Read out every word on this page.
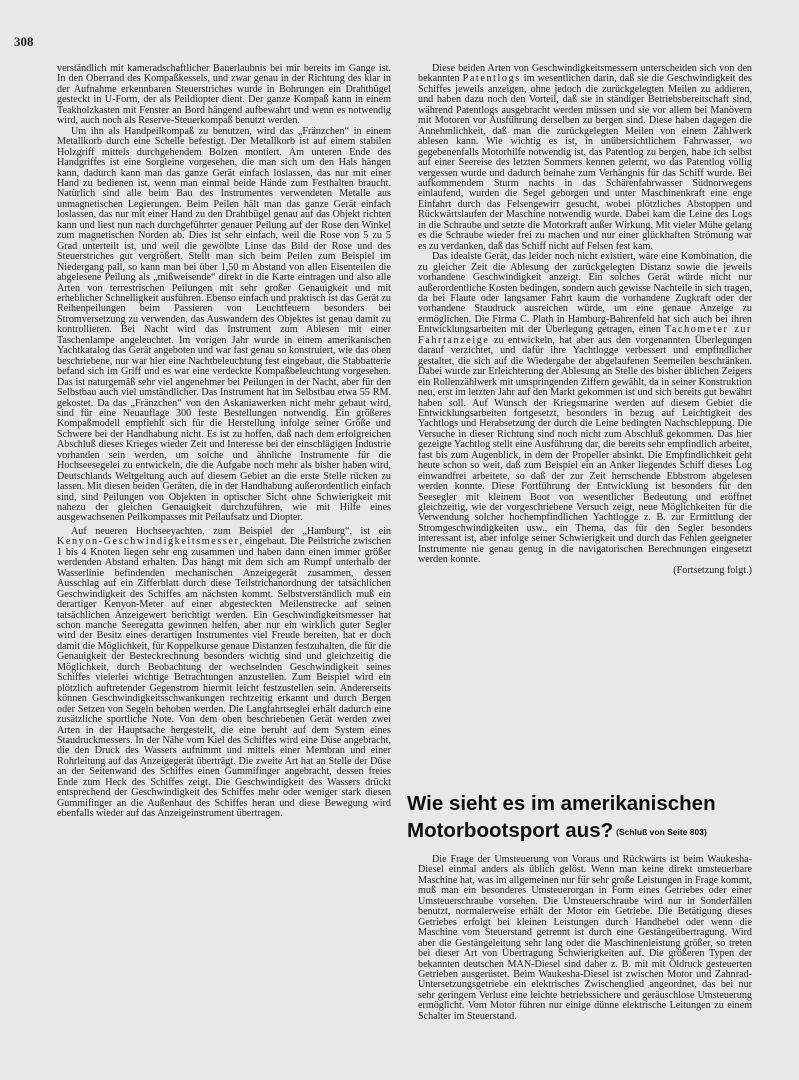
308

verständlich mit kameradschaftlicher Bauerlaubnis bei mir bereits im Gange ist. In den Oberrand des Kompaßkessels, und zwar genau in der Richtung des klar in der Aufnahme erkennbaren Steuerstriches wurde in Bohrungen ein Drahtbügel gesteckt in U-Form, der als Peildiopter dient. Der ganze Kompaß kann in einem Teakholzkasten mit Fenster an Bord hängend aufbewahrt und wenn es notwendig wird, auch noch als Reserve-Steuerkompaß benutzt werden.

Um ihn als Handpeilkompaß zu benutzen, wird das „Fränzchen“ in einem Metallkorb durch eine Schelle befestigt. Der Metallkorb ist auf einem stabilen Holzgriff mittels durchgehendem Bolzen montiert. Am unteren Ende des Handgriffes ist eine Sorgleine vorgesehen, die man sich um den Hals hängen kann, dadurch kann man das ganze Gerät einfach loslassen, das nur mit einer Hand zu bedienen ist, wenn man einmal beide Hände zum Festhalten braucht. Natürlich sind alle beim Bau des Instrumentes verwendeten Metalle aus unmagnetischen Legierungen. Beim Peilen hält man das ganze Gerät einfach loslassen, das nur mit einer Hand zu den Drahtbügel genau auf das Objekt richten kann und liest nun nach durchgeführter genauer Peilung auf der Rose den Winkel zum magnetischen Norden ab. Dies ist sehr einfach, weil die Rose von 5 zu 5 Grad unterteilt ist, und weil die gewölbte Linse das Bild der Rose und des Steuerstriches gut vergrößert. Stellt man sich beim Peilen zum Beispiel im Niedergang pall, so kann man bei über 1,50 m Abstand von allen Eisenteilen die abgelesene Peilung als „mißweisende“ direkt in die Karte eintragen und also alle Arten von terrestrischen Peilungen mit sehr großer Genauigkeit und mit erheblicher Schnelligkeit ausführen. Ebenso einfach und praktisch ist das Gerät zu Reihenpeilungen beim Passieren von Leuchtfeuern besonders bei Stromversetzung zu verwenden, das Auswandern des Objektes ist genau damit zu kontrollieren. Bei Nacht wird das Instrument zum Ablesen mit einer Taschenlampe angeleuchtet. Im vorigen Jahr wurde in einem amerikanischen Yachtkatalog das Gerät angeboten und war fast genau so konstruiert, wie das oben beschriebene, nur war hier eine Nachtbeleuchtung fest eingebaut, die Stabbatterie befand sich im Griff und es war eine verdeckte Kompaßbeleuchtung vorgesehen. Das ist naturgemäß sehr viel angenehmer bei Peilungen in der Nacht, aber für den Selbstbau auch viel umständlicher. Das Instrument hat im Selbstbau etwa 55 RM. gekostet. Da das „Fränzchen“ von den Askaniawerken nicht mehr gebaut wird, sind für eine Neuauflage 300 feste Bestellungen notwendig. Ein größeres Kompaßmodell empfiehlt sich für die Herstellung infolge seiner Größe und Schwere bei der Handhabung nicht. Es ist zu hoffen, daß nach dem erfolgreichen Abschluß dieses Krieges wieder Zeit und Interesse bei der einschlägigen Industrie vorhanden sein werden, um solche und ähnliche Instrumente für die Hochseesegelei zu entwickeln, die die Aufgabe noch mehr als bisher haben wird, Deutschlands Weltgeltung auch auf diesem Gebiet an die erste Stelle rücken zu lassen. Mit diesen beiden Geräten, die in der Handhabung außerordentlich einfach sind, sind Peilungen von Objekten in optischer Sicht ohne Schwierigkeit mit nahezu der gleichen Genauigkeit durchzuführen, wie mit Hilfe eines ausgewachsenen Peilkompasses mit Peilaufsatz und Diopter.

Auf neueren Hochseeyachten, zum Beispiel der „Hamburg“, ist ein Kenyon-Geschwindigkeitsmesser, eingebaut. Die Peilstriche zwischen 1 bis 4 Knoten liegen sehr eng zusammen und haben dann einen immer größer werdenden Abstand erhalten. Das hängt mit dem sich am Rumpf unterhalb der Wasserlinie befindenden mechanischen Anzeigegerät zusammen, dessen Ausschlag auf ein Zifferblatt durch diese Teilstrichanordnung der tatsächlichen Geschwindigkeit des Schiffes am nächsten kommt. Selbstverständlich muß ein derartiger Kenyon-Meter auf einer abgesteckten Meilenstrecke auf seinen tatsächlichen Anzeigewert berichtigt werden. Ein Geschwindigkeitsmesser hat schon manche Seeregatta gewinnen helfen, aber nur ein wirklich guter Segler wird der Besitz eines derartigen Instrumentes viel Freude bereiten, hat er doch damit die Möglichkeit, für Koppelkurse genaue Distanzen festzuhalten, die für die Genauigkeit der Besteckrechnung besonders wichtig sind und gleichzeitig die Möglichkeit, durch Beobachtung der wechselnden Geschwindigkeit seines Schiffes vielerlei wichtige Betrachtungen anzustellen. Zum Beispiel wird ein plötzlich auftretender Gegenstrom hiermit leicht festzustellen sein. Andererseits können Geschwindigkeitsschwankungen rechtzeitig erkannt und durch Bergen oder Setzen von Segeln behoben werden. Die Langfahrtseglei erhält dadurch eine zusätzliche sportliche Note. Von dem oben beschriebenen Gerät werden zwei Arten in der Hauptsache hergestellt, die eine beruht auf dem System eines Staudruckmessers. In der Nähe vom Kiel des Schiffes wird eine Düse angebracht, die den Druck des Wassers aufnimmt und mittels einer Membran und einer Rohrleitung auf das Anzeigegerät überträgt. Die zweite Art hat an Stelle der Düse an der Seitenwand des Schiffes einen Gummifinger angebracht, dessen freies Ende zum Heck des Schiffes zeigt. Die Geschwindigkeit des Wassers drückt entsprechend der Geschwindigkeit des Schiffes mehr oder weniger stark diesen Gummifinger an die Außenhaut des Schiffes heran und diese Bewegung wird ebenfalls wieder auf das Anzeigeinstrument übertragen.

Diese beiden Arten von Geschwindigkeitsmessern unterscheiden sich von den bekannten Patentlogs im wesentlichen darin, daß sie die Geschwindigkeit des Schiffes jeweils anzeigen, ohne jedoch die zurückgelegten Meilen zu addieren, und haben dazu noch den Vorteil, daß sie in ständiger Betriebsbereitschaft sind, während Patentlogs ausgebracht werden müssen und sie vor allem bei Manövern mit Motoren vor Ausführung derselben zu bergen sind. Diese haben dagegen die Annehmlichkeit, daß man die zurückgelegten Meilen von einem Zählwerk ablesen kann. Wie wichtig es ist, in unübersichtlichem Fahrwasser, wo gegebenenfalls Motorhilfe notwendig ist, das Patentlog zu bergen, habe ich selbst auf einer Seereise des letzten Sommers kennen gelernt, wo das Patentlog völlig vergessen wurde und dadurch beinahe zum Verhängnis für das Schiff wurde. Bei aufkommendem Sturm nachts in das Schärenfahrwasser Südnorwegens einlaufend, wurden die Segel geborgen und unter Maschinenkraft eine enge Einfahrt durch das Felsengewirr gesucht, wobei plötzliches Abstoppen und Rückwärtslaufen der Maschine notwendig wurde. Dabei kam die Leine des Logs in die Schraube und setzte die Motorkraft außer Wirkung. Mit vieler Mühe gelang es die Schraube wieder frei zu machen und nur einer glückhaften Strömung war es zu verdanken, daß das Schiff nicht auf Felsen fest kam.

Das idealste Gerät, das leider noch nicht existiert, wäre eine Kombination, die zu gleicher Zeit die Ablesung der zurückgelegten Distanz sowie die jeweils vorhandene Geschwindigkeit anzeigt. Ein solches Gerät würde nicht nur außerordentliche Kosten bedingen, sondern auch gewisse Nachteile in sich tragen, da bei Flaute oder langsamer Fahrt kaum die vorhandene Zugkraft oder der vorhandene Staudruck ausreichen würde, um eine genaue Anzeige zu ermöglichen. Die Firma C. Plath in Hamburg-Bahrenfeld hat sich auch bei ihren Entwicklungsarbeiten mit der Überlegung getragen, einen Tachometer zur Fahrtanzeige zu entwickeln, hat aber aus den vorgenannten Überlegungen darauf verzichtet, und dafür ihre Yachtlogge verbessert und empfindlicher gestaltet, die sich auf die Wiedergabe der abgelaufenen Seemeilen beschränken. Dabei wurde zur Erleichterung der Ablesung an Stelle des bisher üblichen Zeigers ein Rollenzählwerk mit umspringenden Ziffern gewählt, da in seiner Konstruktion neu, erst im letzten Jahr auf den Markt gekommen ist und sich bereits gut bewährt haben soll. Auf Wunsch der Kriegsmarine werden auf diesem Gebiet die Entwicklungsarbeiten fortgesetzt, besonders in bezug auf Leichtigkeit des Yachtlogs und Herabsetzung der durch die Leine bedingten Nachschleppung. Die Versuche in dieser Richtung sind noch nicht zum Abschluß gekommen. Das hier gezeigte Yachtlog stellt eine Ausführung dar, die bereits sehr empfindlich arbeitet, fast bis zum Augenblick, in dem der Propeller absinkt. Die Empfindlichkeit geht heute schon so weit, daß zum Beispiel ein an Anker liegendes Schiff dieses Log einwandfrei arbeitete, so daß der zur Zeit herrschende Ebbstrom abgelesen werden konnte. Diese Fortführung der Entwicklung ist besonders für den Seesegler mit kleinem Boot von wesentlicher Bedeutung und eröffnet gleichzeitig, wie der vorgeschriebene Versuch zeigt, neue Möglichkeiten für die Verwendung solcher hochempfindlichen Yachtlogge z. B. zur Ermittlung der Stromgeschwindigkeiten usw., ein Thema, das für den Segler besonders interessant ist, aber infolge seiner Schwierigkeit und durch das Fehlen geeigneter Instrumente nie genau genug in die navigatorischen Berechnungen eingesetzt werden konnte.

(Fortsetzung folgt.)

Wie sieht es im amerikanischen
Motorbootsport aus? (Schluß von Seite 803)

Die Frage der Umsteuerung von Voraus und Rückwärts ist beim Waukesha-Diesel einmal anders als üblich gelöst. Wenn man keine direkt umsteuerbare Maschine hat, was im allgemeinen nur für sehr große Leistungen in Frage kommt, muß man ein besonderes Umsteuerorgan in Form eines Getriebes oder einer Umsteuerschraube vorsehen. Die Umsteuerschraube wird nur in Sonderfällen benutzt, normalerweise erhält der Motor ein Getriebe. Die Betätigung dieses Getriebes erfolgt bei kleinen Leistungen durch Handhebel oder wenn die Maschine vom Steuerstand getrennt ist durch eine Gestängeübertragung. Wird aber die Gestängeleitung sehr lang oder die Maschinenleistung größer, so treten bei dieser Art von Übertragung Schwierigkeiten auf. Die größeren Typen der bekannten deutschen MAN-Diesel sind daher z. B. mit mit Öldruck gesteuerten Getrieben ausgerüstet. Beim Waukesha-Diesel ist zwischen Motor und Zahnrad-Untersetzungsgetriebe ein elektrisches Zwischenglied angeordnet, das bei nur sehr geringem Verlust eine leichte betriebssichere und geräuschlose Umsteuerung ermöglicht. Vom Motor führen nur einige dünne elektrische Leitungen zu einem Schalter im Steuerstand.
